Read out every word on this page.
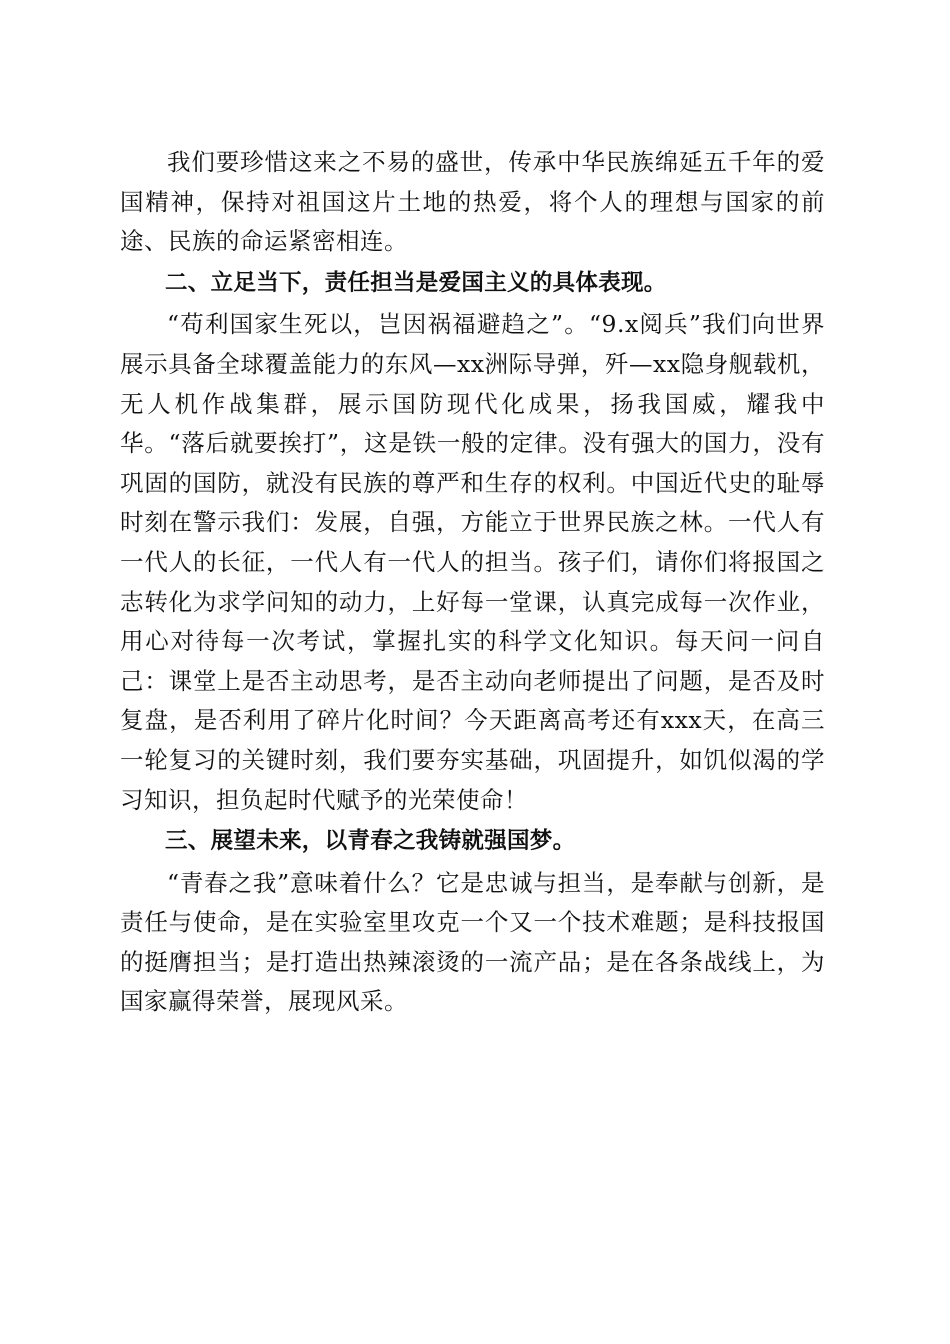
我们要珍惜这来之不易的盛世，传承中华民族绵延五千年的爱国精神，保持对祖国这片土地的热爱，将个人的理想与国家的前途、民族的命运紧密相连。

二、立足当下，责任担当是爱国主义的具体表现。

“苟利国家生死以，岂因祸福避趋之”。“9.x阅兵”我们向世界展示具备全球覆盖能力的东风—xx洲际导弹，歼—xx隐身舰载机，无人机作战集群，展示国防现代化成果，扬我国威，耀我中华。“落后就要挨打”，这是铁一般的定律。没有强大的国力，没有巩固的国防，就没有民族的尊严和生存的权利。中国近代史的耻辱时刻在警示我们：发展，自强，方能立于世界民族之林。一代人有一代人的长征，一代人有一代人的担当。孩子们，请你们将报国之志转化为求学问知的动力，上好每一堂课，认真完成每一次作业，用心对待每一次考试，掌握扎实的科学文化知识。每天问一问自己：课堂上是否主动思考，是否主动向老师提出了问题，是否及时复盘，是否利用了碎片化时间？今天距离高考还有xxx天，在高三一轮复习的关键时刻，我们要夯实基础，巩固提升，如饥似渴的学习知识，担负起时代赋予的光荣使命！

三、展望未来，以青春之我铸就强国梦。

“青春之我”意味着什么？它是忠诚与担当，是奉献与创新，是责任与使命，是在实验室里攻克一个又一个技术难题；是科技报国的挺膺担当；是打造出热辣滚烫的一流产品；是在各条战线上，为国家赢得荣誉，展现风采。
